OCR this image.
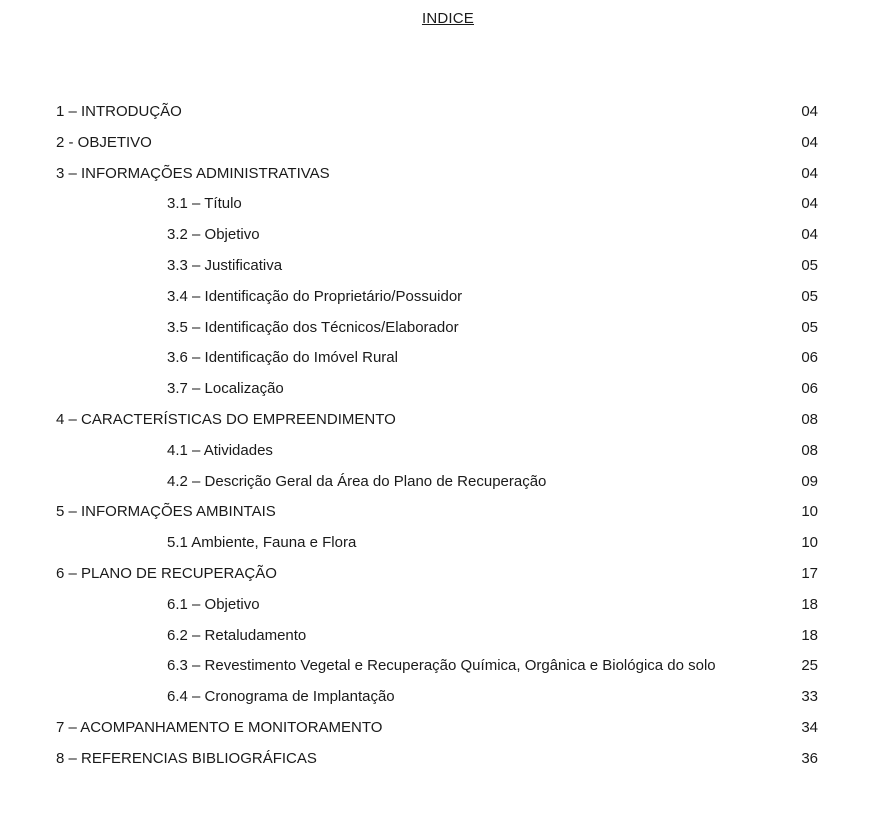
INDICE
1 – INTRODUÇÃO	04
2 - OBJETIVO	04
3 – INFORMAÇÕES ADMINISTRATIVAS	04
3.1 – Título	04
3.2 – Objetivo	04
3.3 – Justificativa	05
3.4 – Identificação do Proprietário/Possuidor	05
3.5 – Identificação dos Técnicos/Elaborador	05
3.6 – Identificação do Imóvel Rural	06
3.7 – Localização	06
4 – CARACTERÍSTICAS DO EMPREENDIMENTO	08
4.1 – Atividades	08
4.2 – Descrição Geral da Área do Plano de Recuperação	09
5 – INFORMAÇÕES AMBINTAIS	10
5.1 Ambiente, Fauna e Flora	10
6 – PLANO DE RECUPERAÇÃO	17
6.1 – Objetivo	18
6.2 – Retaludamento	18
6.3 – Revestimento Vegetal e Recuperação Química, Orgânica e Biológica do solo	25
6.4 – Cronograma de Implantação	33
7 – ACOMPANHAMENTO E MONITORAMENTO	34
8 – REFERENCIAS BIBLIOGRÁFICAS	36
